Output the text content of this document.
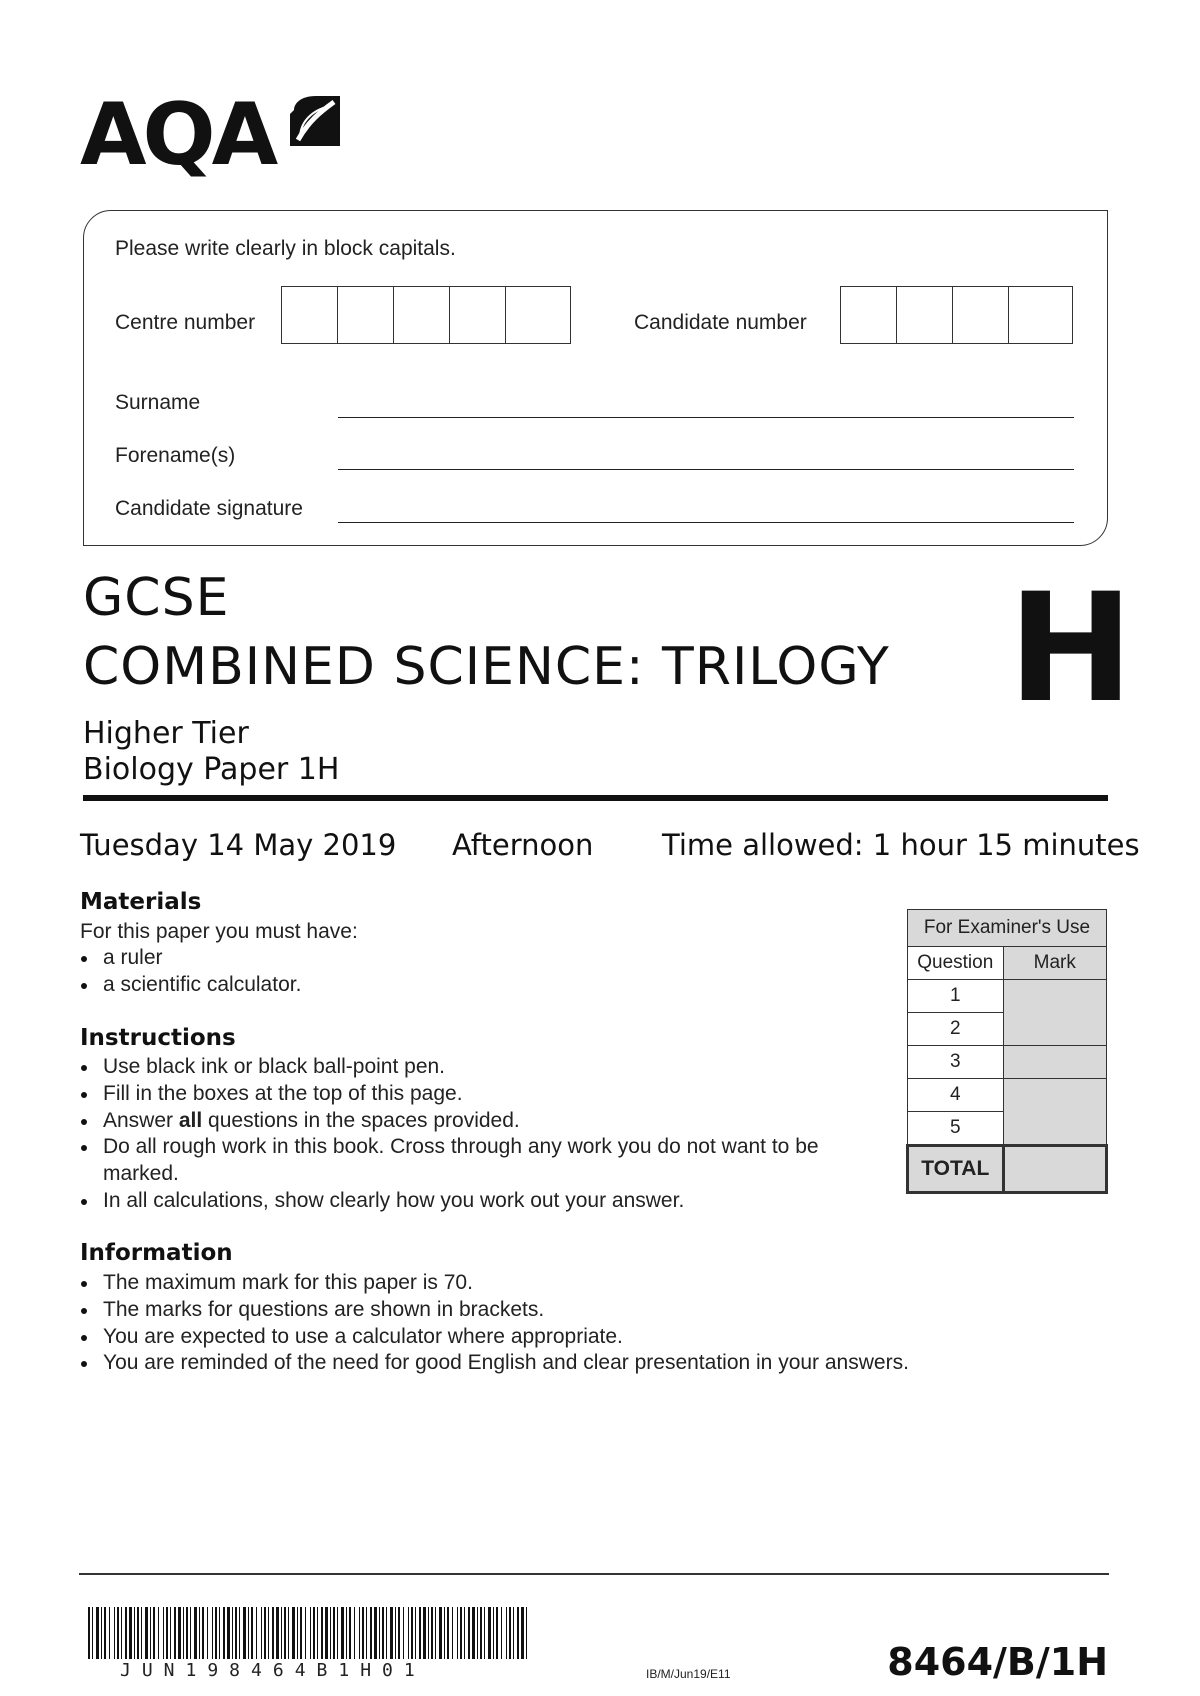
AQA
Please write clearly in block capitals.
Centre number	Candidate number
Surname
Forename(s)
Candidate signature
GCSE
COMBINED SCIENCE: TRILOGY
Higher Tier
Biology Paper 1H
H
Tuesday 14 May 2019 Afternoon Time allowed: 1 hour 15 minutes
Materials
For this paper you must have:
a ruler
a scientific calculator.
Instructions
Use black ink or black ball-point pen.
Fill in the boxes at the top of this page.
Answer all questions in the spaces provided.
Do all rough work in this book. Cross through any work you do not want to be marked.
In all calculations, show clearly how you work out your answer.
Information
The maximum mark for this paper is 70.
The marks for questions are shown in brackets.
You are expected to use a calculator where appropriate.
You are reminded of the need for good English and clear presentation in your answers.
For Examiner's Use	
Question	Mark
1	
2	
3	
4	
5	
TOTAL	
JUN198464B1H01	IB/M/Jun19/E11	8464/B/1H
